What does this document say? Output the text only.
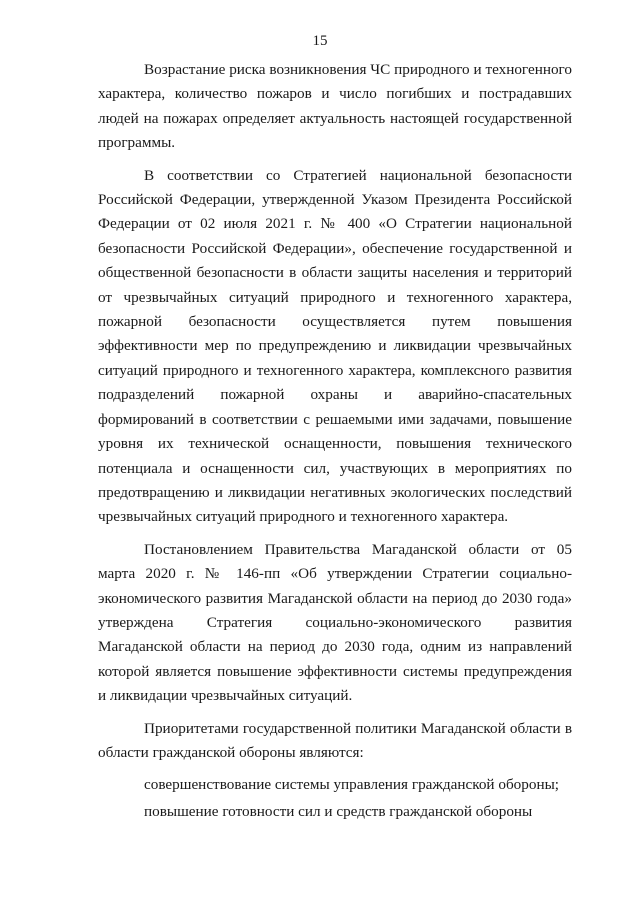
15

Возрастание риска возникновения ЧС природного и техногенного характера, количество пожаров и число погибших и пострадавших людей на пожарах определяет актуальность настоящей государственной программы.

В соответствии со Стратегией национальной безопасности Российской Федерации, утвержденной Указом Президента Российской Федерации от 02 июля 2021 г. № 400 «О Стратегии национальной безопасности Российской Федерации», обеспечение государственной и общественной безопасности в области защиты населения и территорий от чрезвычайных ситуаций природного и техногенного характера, пожарной безопасности осуществляется путем повышения эффективности мер по предупреждению и ликвидации чрезвычайных ситуаций природного и техногенного характера, комплексного развития подразделений пожарной охраны и аварийно-спасательных формирований в соответствии с решаемыми ими задачами, повышение уровня их технической оснащенности, повышения технического потенциала и оснащенности сил, участвующих в мероприятиях по предотвращению и ликвидации негативных экологических последствий чрезвычайных ситуаций природного и техногенного характера.

Постановлением Правительства Магаданской области от 05 марта 2020 г. № 146-пп «Об утверждении Стратегии социально-экономического развития Магаданской области на период до 2030 года» утверждена Стратегия социально-экономического развития Магаданской области на период до 2030 года, одним из направлений которой является повышение эффективности системы предупреждения и ликвидации чрезвычайных ситуаций.

Приоритетами государственной политики Магаданской области в области гражданской обороны являются:

совершенствование системы управления гражданской обороны;

повышение готовности сил и средств гражданской обороны
